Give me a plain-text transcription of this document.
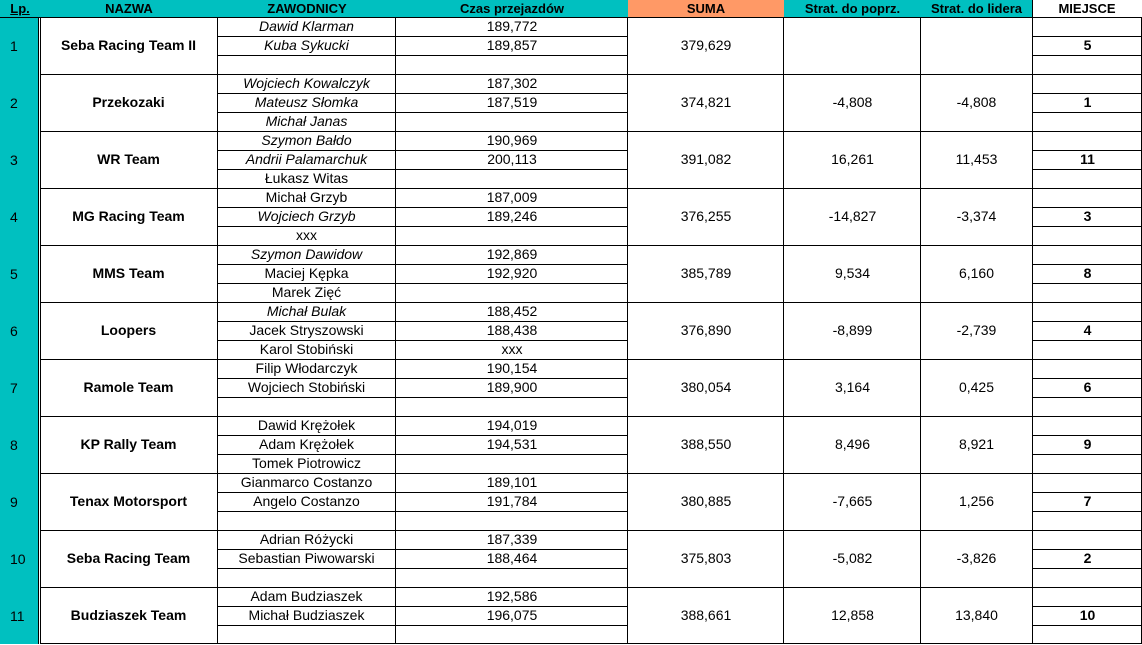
Lp.	NAZWA	ZAWODNICY	Czas przejazdów	SUMA	Strat. do poprz.	Strat. do lidera	MIEJSCE
1	Seba Racing Team II
Dawid Klarman	189,772
Kuba Sykucki	189,857	379,629	5
2	Przekozaki
Wojciech Kowalczyk	187,302
Mateusz Słomka	187,519
Michał Janas
374,821	-4,808	-4,808	1
3	WR Team
Szymon Bałdo	190,969
Andrii Palamarchuk	200,113
Łukasz Witas
391,082	16,261	11,453	11
4	MG Racing Team
Michał Grzyb	187,009
Wojciech Grzyb	189,246
xxx
376,255	-14,827	-3,374	3
5	MMS Team
Szymon Dawidow	192,869
Maciej Kępka	192,920
Marek Zięć
385,789	9,534	6,160	8
6	Loopers
Michał Bulak	188,452
Jacek Stryszowski	188,438
Karol Stobiński	xxx
376,890	-8,899	-2,739	4
7	Ramole Team
Filip Włodarczyk	190,154
Wojciech Stobiński	189,900	380,054	3,164	0,425	6
8	KP Rally Team
Dawid Krężołek	194,019
Adam Krężołek	194,531
Tomek Piotrowicz
388,550	8,496	8,921	9
9	Tenax Motorsport
Gianmarco Costanzo	189,101
Angelo Costanzo	191,784	380,885	-7,665	1,256	7
10	Seba Racing Team
Adrian Różycki	187,339
Sebastian Piwowarski	188,464	375,803	-5,082	-3,826	2
11	Budziaszek Team
Adam Budziaszek	192,586
Michał Budziaszek	196,075	388,661	12,858	13,840	10
